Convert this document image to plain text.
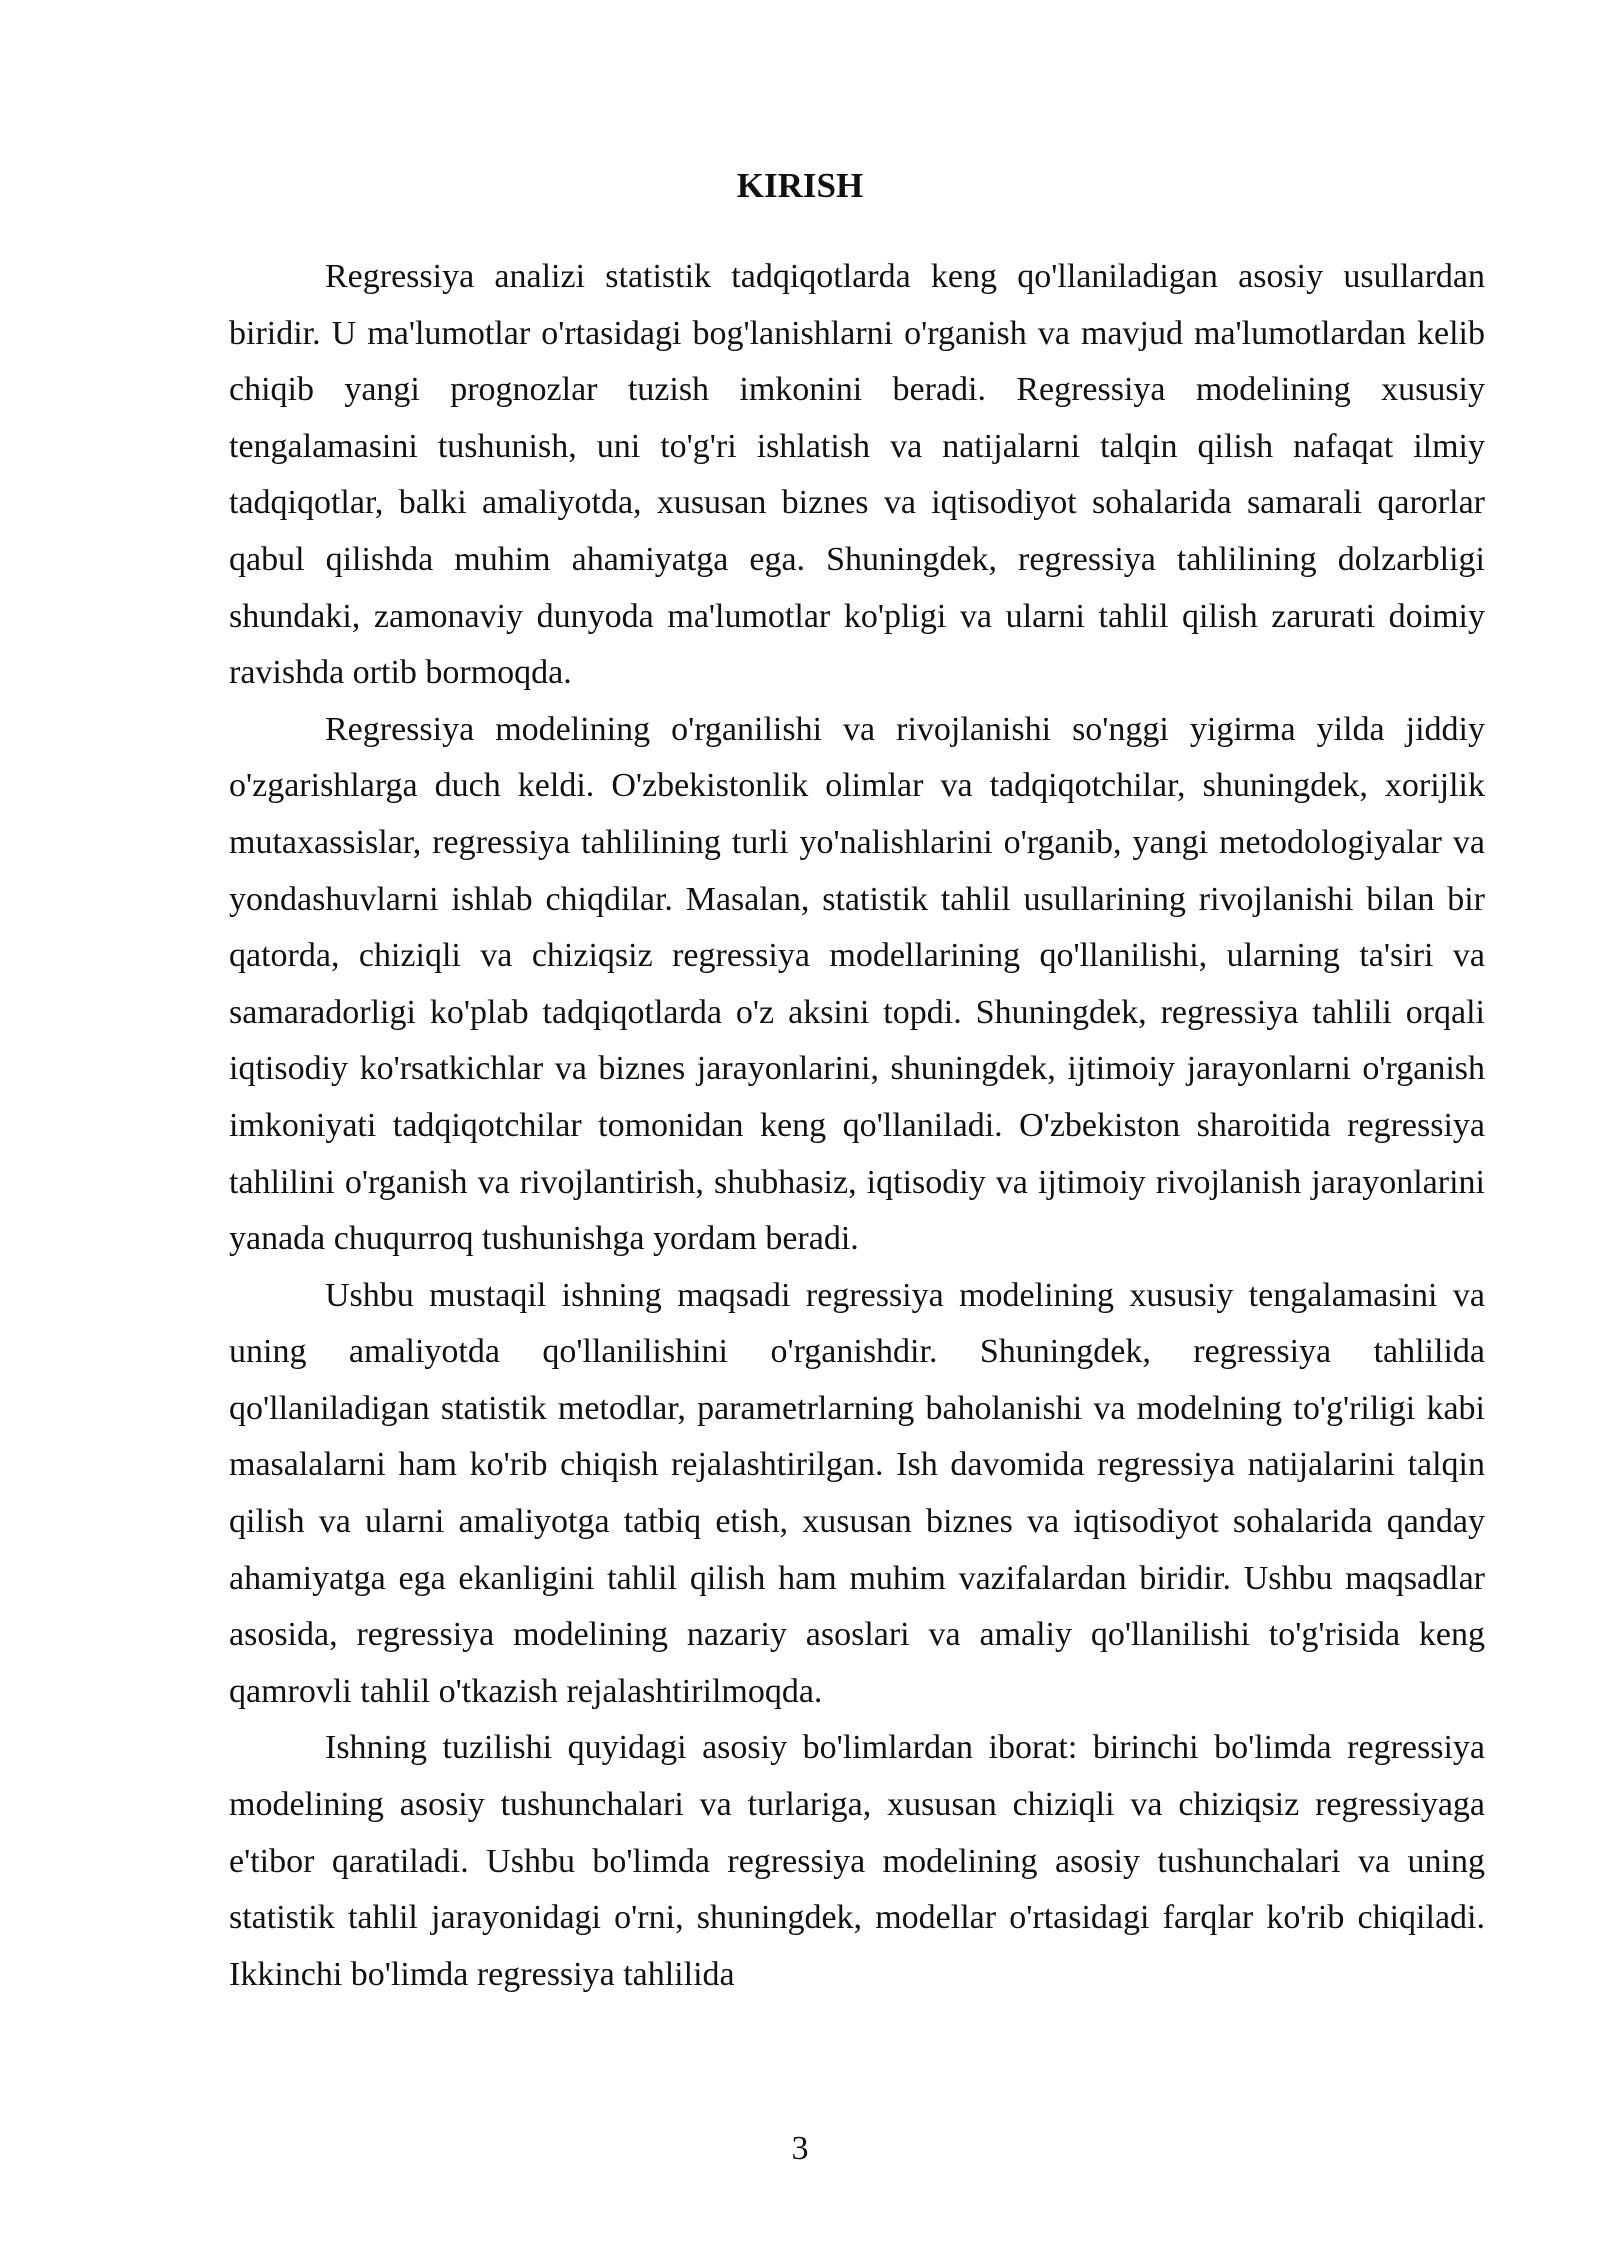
KIRISH

Regressiya analizi statistik tadqiqotlarda keng qo'llaniladigan asosiy usullardan biridir. U ma'lumotlar o'rtasidagi bog'lanishlarni o'rganish va mavjud ma'lumotlardan kelib chiqib yangi prognozlar tuzish imkonini beradi. Regressiya modelining xususiy tengalamasini tushunish, uni to'g'ri ishlatish va natijalarni talqin qilish nafaqat ilmiy tadqiqotlar, balki amaliyotda, xususan biznes va iqtisodiyot sohalarida samarali qarorlar qabul qilishda muhim ahamiyatga ega. Shuningdek, regressiya tahlilining dolzarbligi shundaki, zamonaviy dunyoda ma'lumotlar ko'pligi va ularni tahlil qilish zarurati doimiy ravishda ortib bormoqda.

Regressiya modelining o'rganilishi va rivojlanishi so'nggi yigirma yilda jiddiy o'zgarishlarga duch keldi. O'zbekistonlik olimlar va tadqiqotchilar, shuningdek, xorijlik mutaxassislar, regressiya tahlilining turli yo'nalishlarini o'rganib, yangi metodologiyalar va yondashuvlarni ishlab chiqdilar. Masalan, statistik tahlil usullarining rivojlanishi bilan bir qatorda, chiziqli va chiziqsiz regressiya modellarining qo'llanilishi, ularning ta'siri va samaradorligi ko'plab tadqiqotlarda o'z aksini topdi. Shuningdek, regressiya tahlili orqali iqtisodiy ko'rsatkichlar va biznes jarayonlarini, shuningdek, ijtimoiy jarayonlarni o'rganish imkoniyati tadqiqotchilar tomonidan keng qo'llaniladi. O'zbekiston sharoitida regressiya tahlilini o'rganish va rivojlantirish, shubhasiz, iqtisodiy va ijtimoiy rivojlanish jarayonlarini yanada chuqurroq tushunishga yordam beradi.

Ushbu mustaqil ishning maqsadi regressiya modelining xususiy tengalamasini va uning amaliyotda qo'llanilishini o'rganishdir. Shuningdek, regressiya tahlilida qo'llaniladigan statistik metodlar, parametrlarning baholanishi va modelning to'g'riligi kabi masalalarni ham ko'rib chiqish rejalashtirilgan. Ish davomida regressiya natijalarini talqin qilish va ularni amaliyotga tatbiq etish, xususan biznes va iqtisodiyot sohalarida qanday ahamiyatga ega ekanligini tahlil qilish ham muhim vazifalardan biridir. Ushbu maqsadlar asosida, regressiya modelining nazariy asoslari va amaliy qo'llanilishi to'g'risida keng qamrovli tahlil o'tkazish rejalashtirilmoqda.

Ishning tuzilishi quyidagi asosiy bo'limlardan iborat: birinchi bo'limda regressiya modelining asosiy tushunchalari va turlariga, xususan chiziqli va chiziqsiz regressiyaga e'tibor qaratiladi. Ushbu bo'limda regressiya modelining asosiy tushunchalari va uning statistik tahlil jarayonidagi o'rni, shuningdek, modellar o'rtasidagi farqlar ko'rib chiqiladi. Ikkinchi bo'limda regressiya tahlilida

3
